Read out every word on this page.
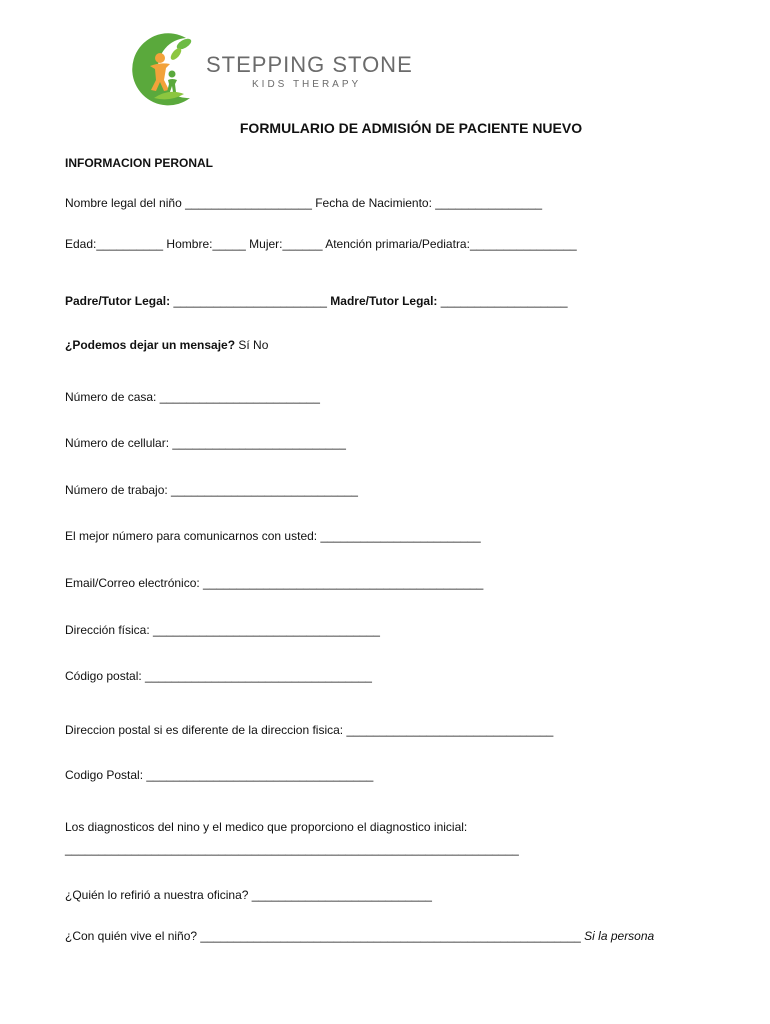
STEPPING STONE
KIDS THERAPY
FORMULARIO DE ADMISIÓN DE PACIENTE NUEVO
INFORMACION PERONAL
Nombre legal del niño ___________________ Fecha de Nacimiento: ________________
Edad:__________ Hombre:_____ Mujer:______ Atención primaria/Pediatra:________________
Padre/Tutor Legal: _______________________ Madre/Tutor Legal: ___________________
¿Podemos dejar un mensaje? Sí No
Número de casa: ________________________
Número de cellular: __________________________
Número de trabajo: ____________________________
El mejor número para comunicarnos con usted: ________________________
Email/Correo electrónico: __________________________________________
Dirección física: __________________________________
Código postal: __________________________________
Direccion postal si es diferente de la direccion fisica: _______________________________
Codigo Postal: __________________________________
Los diagnosticos del nino y el medico que proporciono el diagnostico inicial:
____________________________________________________________________
¿Quién lo refirió a nuestra oficina? ___________________________
¿Con quién vive el niño? _________________________________________________________ Si la persona
